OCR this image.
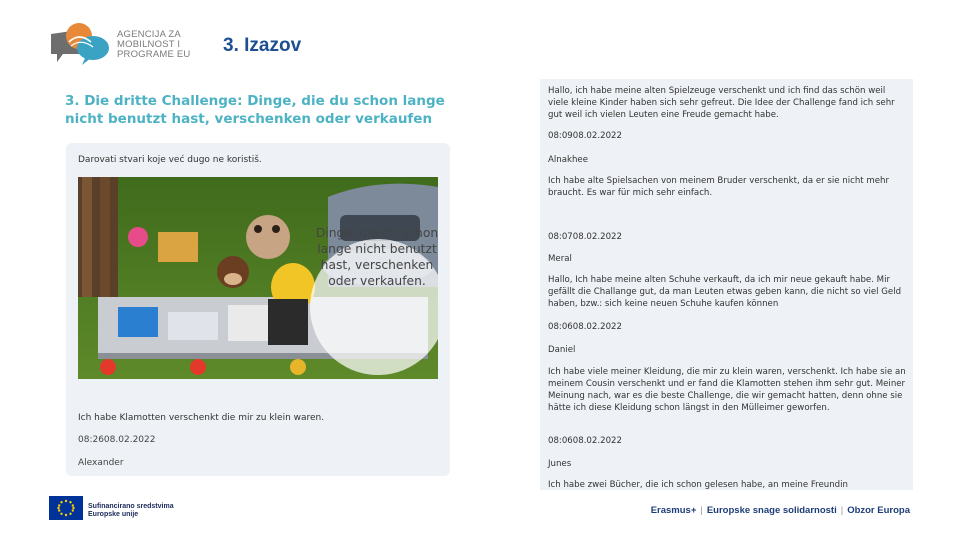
AGENCIJA ZA
MOBILNOST I
PROGRAME EU 3. Izazov
3. Die dritte Challenge: Dinge, die du schon lange nicht benutzt hast, verschenken oder verkaufen
Darovati stvari koje već dugo ne koristiš.
Dinge, die du schon lange nicht benutzt hast, verschenken oder verkaufen.
Ich habe Klamotten verschenkt die mir zu klein waren.
08:2608.02.2022
Alexander
Hallo, ich habe meine alten Spielzeuge verschenkt und ich find das schön weil viele kleine Kinder haben sich sehr gefreut. Die Idee der Challenge fand ich sehr gut weil ich vielen Leuten eine Freude gemacht habe.
08:0908.02.2022
Alnakhee
Ich habe alte Spielsachen von meinem Bruder verschenkt, da er sie nicht mehr braucht. Es war für mich sehr einfach.
08:0708.02.2022
Meral
Hallo, Ich habe meine alten Schuhe verkauft, da ich mir neue gekauft habe. Mir gefällt die Challange gut, da man Leuten etwas geben kann, die nicht so viel Geld haben, bzw.: sich keine neuen Schuhe kaufen können
08:0608.02.2022
Daniel
Ich habe viele meiner Kleidung, die mir zu klein waren, verschenkt. Ich habe sie an meinem Cousin verschenkt und er fand die Klamotten stehen ihm sehr gut. Meiner Meinung nach, war es die beste Challenge, die wir gemacht hatten, denn ohne sie hätte ich diese Kleidung schon längst in den Mülleimer geworfen.
08:0608.02.2022
Junes
Ich habe zwei Bücher, die ich schon gelesen habe, an meine Freundin
Sufinancirano sredstvima
Europske unije	Erasmus+ | Europske snage solidarnosti | Obzor Europa
